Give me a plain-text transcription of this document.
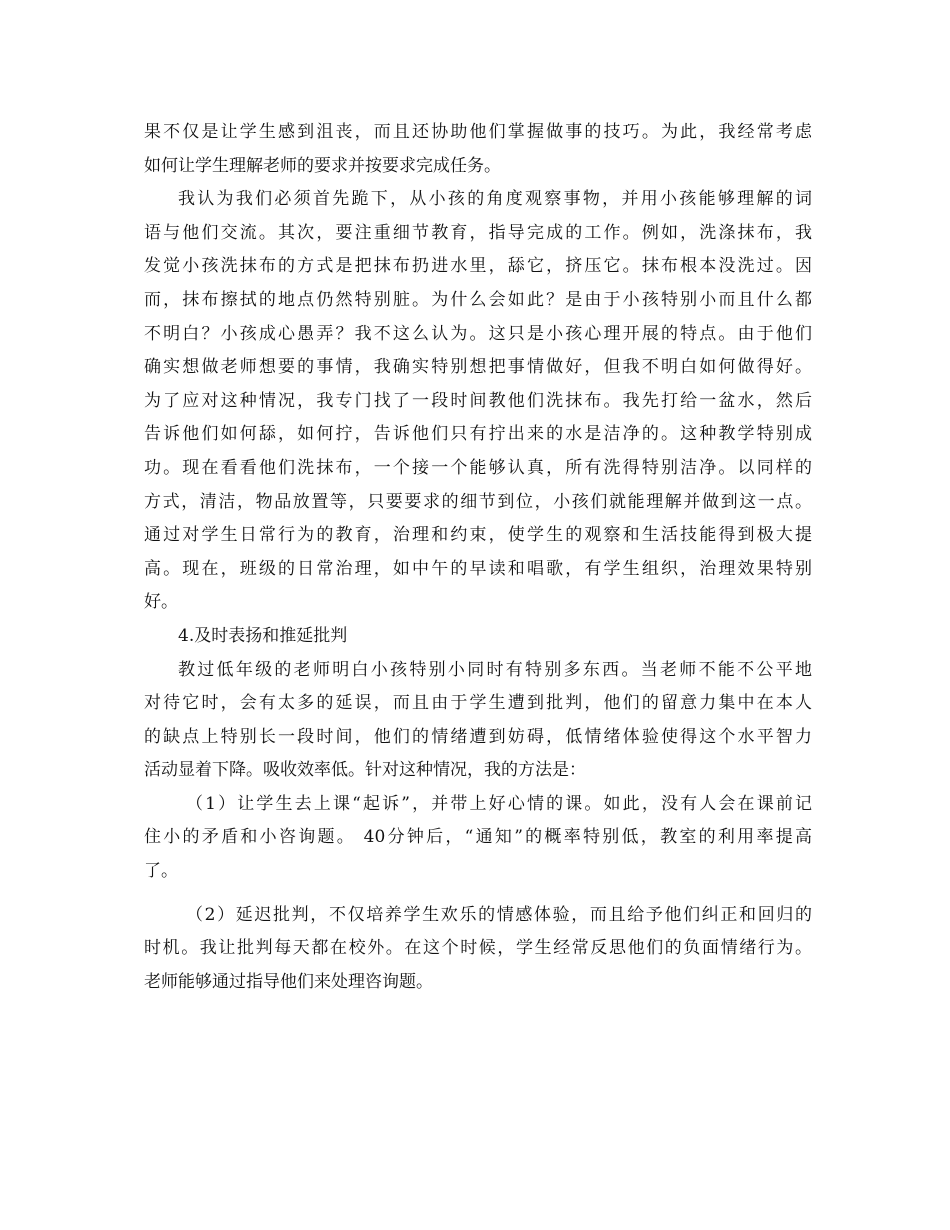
果不仅是让学生感到沮丧，而且还协助他们掌握做事的技巧。为此，我经常考虑
如何让学生理解老师的要求并按要求完成任务。
我认为我们必须首先跪下，从小孩的角度观察事物，并用小孩能够理解的词
语与他们交流。其次，要注重细节教育，指导完成的工作。例如，洗涤抹布，我
发觉小孩洗抹布的方式是把抹布扔进水里，舔它，挤压它。抹布根本没洗过。因
而，抹布擦拭的地点仍然特别脏。为什么会如此？是由于小孩特别小而且什么都
不明白？小孩成心愚弄？我不这么认为。这只是小孩心理开展的特点。由于他们
确实想做老师想要的事情，我确实特别想把事情做好，但我不明白如何做得好。
为了应对这种情况，我专门找了一段时间教他们洗抹布。我先打给一盆水，然后
告诉他们如何舔，如何拧，告诉他们只有拧出来的水是洁净的。这种教学特别成
功。现在看看他们洗抹布，一个接一个能够认真，所有洗得特别洁净。以同样的
方式，清洁，物品放置等，只要要求的细节到位，小孩们就能理解并做到这一点。
通过对学生日常行为的教育，治理和约束，使学生的观察和生活技能得到极大提
高。现在，班级的日常治理，如中午的早读和唱歌，有学生组织，治理效果特别
好。
4.及时表扬和推延批判
教过低年级的老师明白小孩特别小同时有特别多东西。当老师不能不公平地
对待它时，会有太多的延误，而且由于学生遭到批判，他们的留意力集中在本人
的缺点上特别长一段时间，他们的情绪遭到妨碍，低情绪体验使得这个水平智力
活动显着下降。吸收效率低。针对这种情况，我的方法是：
（1）让学生去上课“起诉”，并带上好心情的课。如此，没有人会在课前记
住小的矛盾和小咨询题。 40分钟后，“通知”的概率特别低，教室的利用率提高
了。
（2）延迟批判，不仅培养学生欢乐的情感体验，而且给予他们纠正和回归的
时机。我让批判每天都在校外。在这个时候，学生经常反思他们的负面情绪行为。
老师能够通过指导他们来处理咨询题。
